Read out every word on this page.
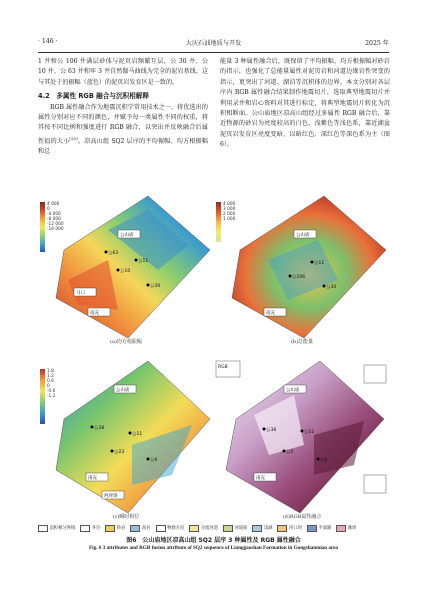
· 146 ·	大庆石油地质与开发	2025 年

1 井和公 106 井满层砂体与泥页岩频繁互层，公 30 井、公 10 井、公 63 井和牢 3 井自然伽马曲线为完全的泥岩基线，这与其处于的振幅（蓝色）的泥页岩发育区是一致的。

4.2　多属性 RGB 融合与沉积相解释

RGB 属性融合作为地震沉积学常用技术之一，将优选出的属性分别对应不同的颜色，并赋予每一类属性不同的权重，将其按不同比例和强度进行 RGB 融合，以突出并反映融合后属性值的大小[20]。凉高山组 SQ2 层序的平均振幅、均方根振幅和总

能量 3 种属性融合后，既保留了平均振幅、均方根振幅对砂岩的指示，也强化了总能量属性对泥页岩和河道边缘岩性突变的指示，更突出了河道、湖泊等沉积体的边界。本文分别对各层序内 RGB 属性融合结果制作地震切片，选取典型地震切片并利用录井和岩心资料对其进行标定，将典型地震切片转化为沉积相断面。公山庙地区凉高山组经过多属性 RGB 融合后，靠近物源的砂岩为亮度较高的白色、浅紫色等浅色系，靠近湖盆泥页岩发育区亮度变暗，以暗红色、深红色等深色系为主（图 6）。

4 000
0
-4 000
-8 000
-12 000
-16 000
公山庙
南充
马口
公11
公10
公30
公63
(a)均方根振幅
4 000
3 000
2 000
1 000
公山庙
南充
公11
公30
公106
(b)总能量
1.8
1.2
0.6
0
-0.6
-1.2
公山庙
南充
西坪场
公38
公11
公23
公6
(c)瞬时相位
RGB
公山庙
南充
公38	公11
公6
公5
(d)RGB属性融合
沉积相分界线	井位	砂岩	泥岩	物源方向	分流河道	河道间	浅湖	河口坝	半深湖	滩坝
图6　公山庙地区凉高山组 SQ2 层序 3 种属性及 RGB 属性融合
Fig. 6 3 attributes and RGB fusion attribute of SQ2 sequence of Lianggaoshan Formation in Gongshanmiao area
